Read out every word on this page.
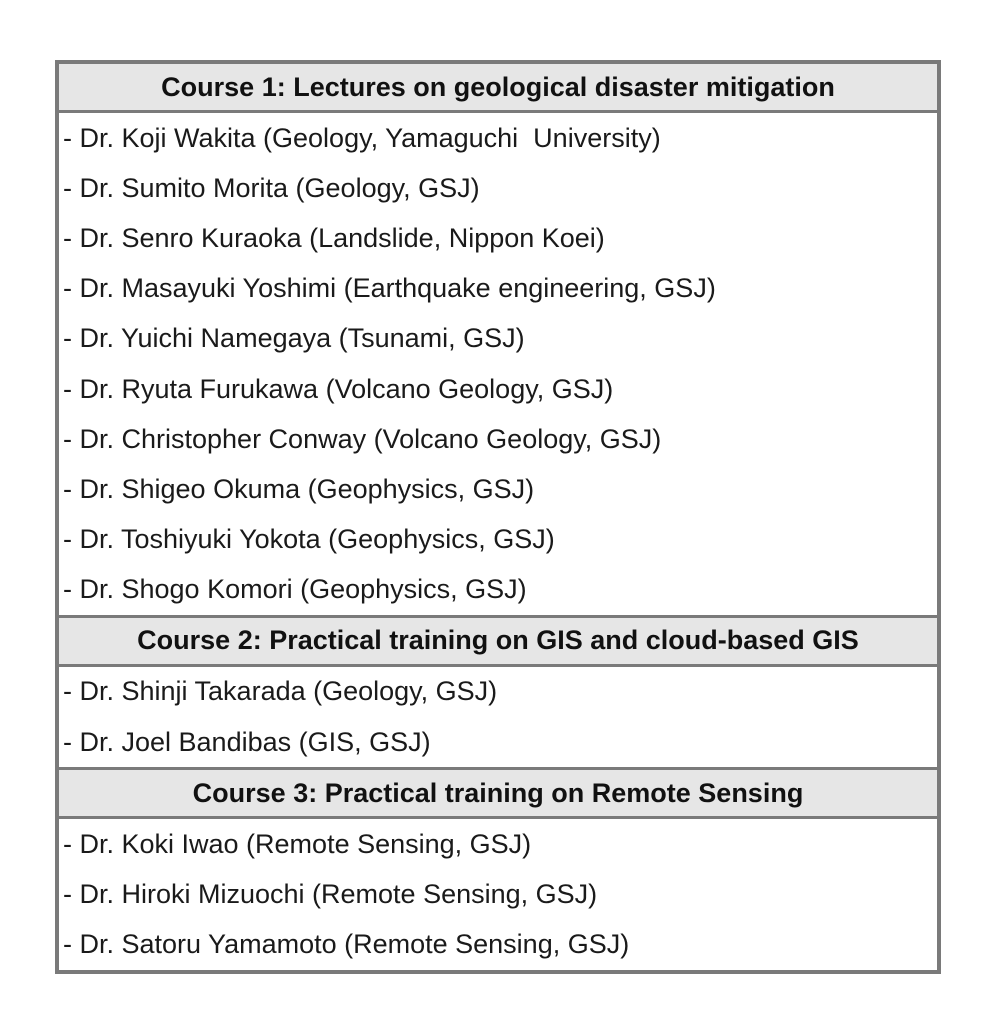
Course 1: Lectures on geological disaster mitigation
- Dr. Koji Wakita (Geology, Yamaguchi  University)
- Dr. Sumito Morita (Geology, GSJ)
- Dr. Senro Kuraoka (Landslide, Nippon Koei)
- Dr. Masayuki Yoshimi (Earthquake engineering, GSJ)
- Dr. Yuichi Namegaya (Tsunami, GSJ)
- Dr. Ryuta Furukawa (Volcano Geology, GSJ)
- Dr. Christopher Conway (Volcano Geology, GSJ)
- Dr. Shigeo Okuma (Geophysics, GSJ)
- Dr. Toshiyuki Yokota (Geophysics, GSJ)
- Dr. Shogo Komori (Geophysics, GSJ)
Course 2: Practical training on GIS and cloud-based GIS
- Dr. Shinji Takarada (Geology, GSJ)
- Dr. Joel Bandibas (GIS, GSJ)
Course 3: Practical training on Remote Sensing
- Dr. Koki Iwao (Remote Sensing, GSJ)
- Dr. Hiroki Mizuochi (Remote Sensing, GSJ)
- Dr. Satoru Yamamoto (Remote Sensing, GSJ)
